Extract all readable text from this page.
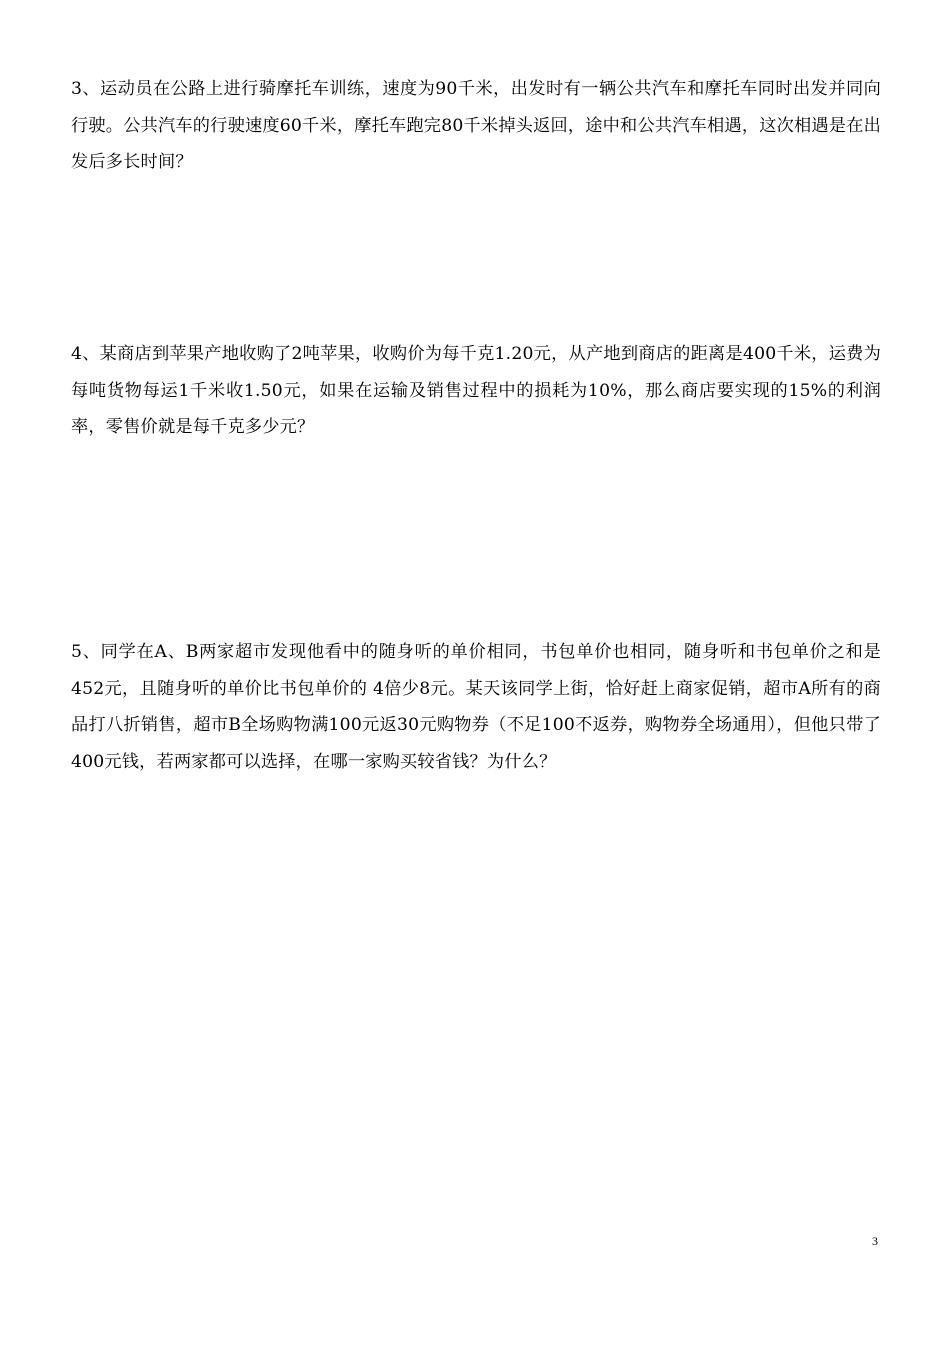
3、运动员在公路上进行骑摩托车训练，速度为90千米，出发时有一辆公共汽车和摩托车同时出发并同向行驶。公共汽车的行驶速度60千米，摩托车跑完80千米掉头返回，途中和公共汽车相遇，这次相遇是在出发后多长时间？

4、某商店到苹果产地收购了2吨苹果，收购价为每千克1.20元，从产地到商店的距离是400千米，运费为每吨货物每运1千米收1.50元，如果在运输及销售过程中的损耗为10%，那么商店要实现的15%的利润率，零售价就是每千克多少元？

5、同学在A、B两家超市发现他看中的随身听的单价相同，书包单价也相同，随身听和书包单价之和是452元，且随身听的单价比书包单价的 4倍少8元。某天该同学上街，恰好赶上商家促销，超市A所有的商品打八折销售，超市B全场购物满100元返30元购物券（不足100不返券，购物券全场通用），但他只带了400元钱，若两家都可以选择，在哪一家购买较省钱？为什么？

3
